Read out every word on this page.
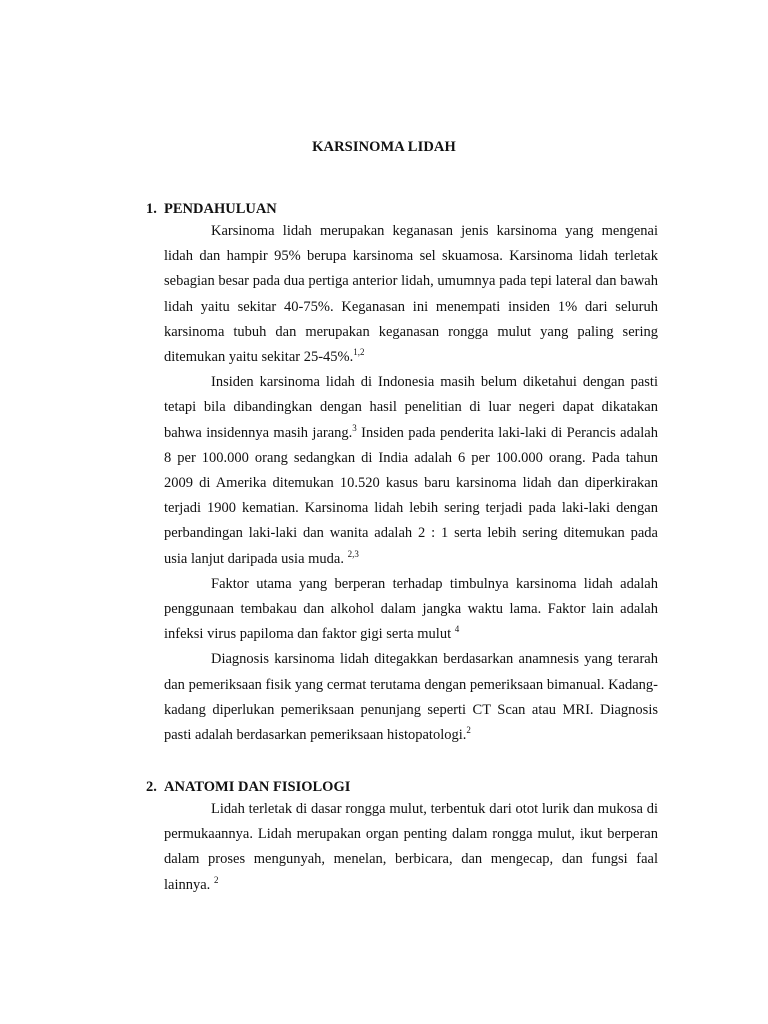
KARSINOMA LIDAH
1. PENDAHULUAN

Karsinoma lidah merupakan keganasan jenis karsinoma yang mengenai lidah dan hampir 95% berupa karsinoma sel skuamosa. Karsinoma lidah terletak sebagian besar pada dua pertiga anterior lidah, umumnya pada tepi lateral dan bawah lidah yaitu sekitar 40-75%. Keganasan ini menempati insiden 1% dari seluruh karsinoma tubuh dan merupakan keganasan rongga mulut yang paling sering ditemukan yaitu sekitar 25-45%.$^{1,2}$

Insiden karsinoma lidah di Indonesia masih belum diketahui dengan pasti tetapi bila dibandingkan dengan hasil penelitian di luar negeri dapat dikatakan bahwa insidennya masih jarang.$^3$ Insiden pada penderita laki-laki di Perancis adalah 8 per 100.000 orang sedangkan di India adalah 6 per 100.000 orang. Pada tahun 2009 di Amerika ditemukan 10.520 kasus baru karsinoma lidah dan diperkirakan terjadi 1900 kematian. Karsinoma lidah lebih sering terjadi pada laki-laki dengan perbandingan laki-laki dan wanita adalah 2 : 1 serta lebih sering ditemukan pada usia lanjut daripada usia muda. $^{2,3}$

Faktor utama yang berperan terhadap timbulnya karsinoma lidah adalah penggunaan tembakau dan alkohol dalam jangka waktu lama. Faktor lain adalah infeksi virus papiloma dan faktor gigi serta mulut $^4$

Diagnosis karsinoma lidah ditegakkan berdasarkan anamnesis yang terarah dan pemeriksaan fisik yang cermat terutama dengan pemeriksaan bimanual. Kadang-kadang diperlukan pemeriksaan penunjang seperti CT Scan atau MRI. Diagnosis pasti adalah berdasarkan pemeriksaan histopatologi.$^2$

2. ANATOMI DAN FISIOLOGI

Lidah terletak di dasar rongga mulut, terbentuk dari otot lurik dan mukosa di permukaannya. Lidah merupakan organ penting dalam rongga mulut, ikut berperan dalam proses mengunyah, menelan, berbicara, dan mengecap, dan fungsi faal lainnya. $^2$
